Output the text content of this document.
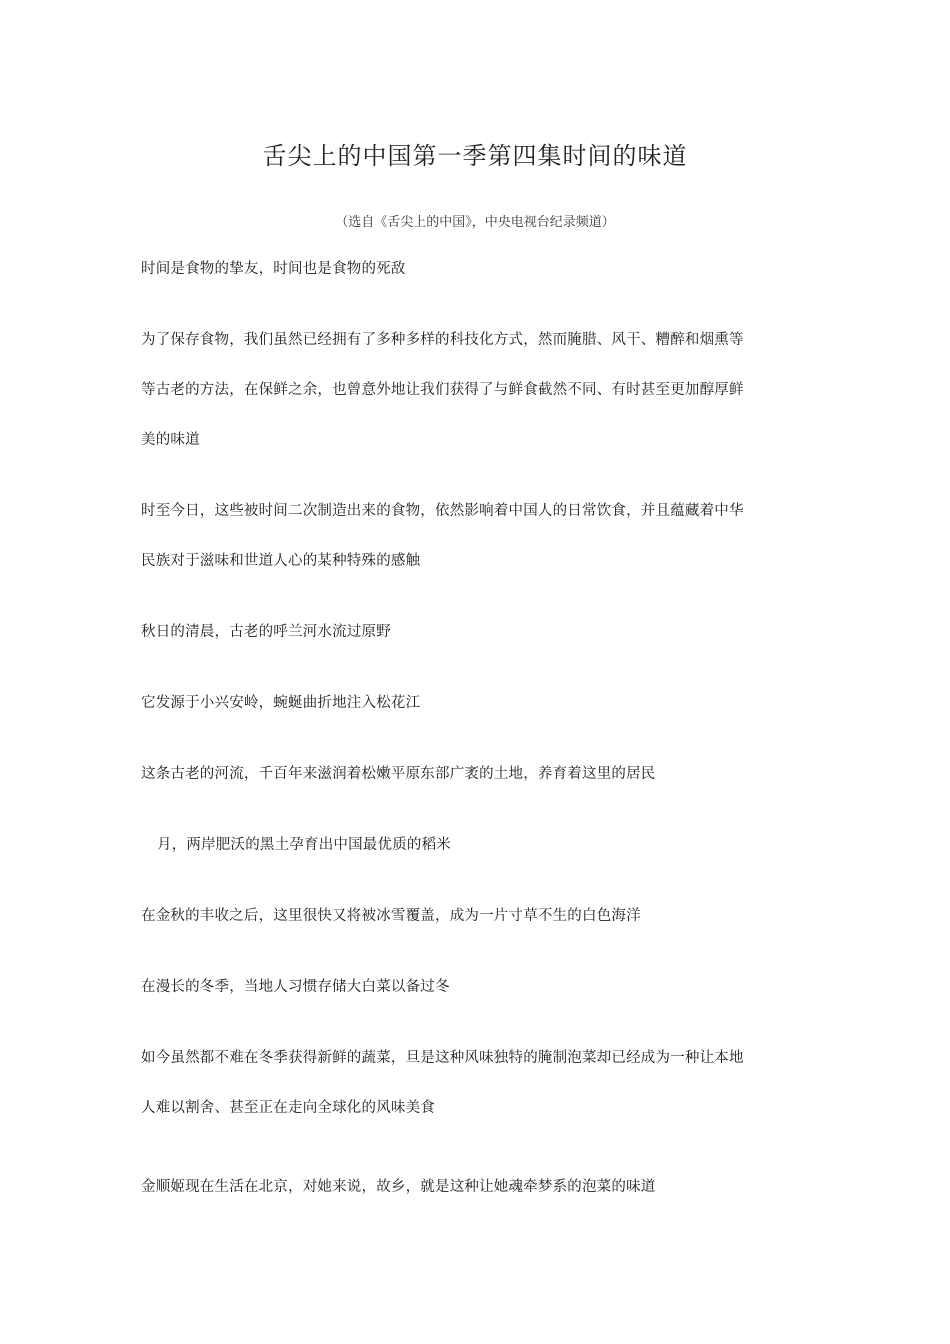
舌尖上的中国第一季第四集时间的味道

（选自《舌尖上的中国》，中央电视台纪录频道）

时间是食物的挚友，时间也是食物的死敌

为了保存食物，我们虽然已经拥有了多种多样的科技化方式，然而腌腊、风干、糟醉和烟熏等
等古老的方法，在保鲜之余，也曾意外地让我们获得了与鲜食截然不同、有时甚至更加醇厚鲜
美的味道

时至今日，这些被时间二次制造出来的食物，依然影响着中国人的日常饮食，并且蕴藏着中华
民族对于滋味和世道人心的某种特殊的感触

秋日的清晨，古老的呼兰河水流过原野

它发源于小兴安岭，蜿蜒曲折地注入松花江

这条古老的河流，千百年来滋润着松嫩平原东部广袤的土地，养育着这里的居民

月，两岸肥沃的黑土孕育出中国最优质的稻米

在金秋的丰收之后，这里很快又将被冰雪覆盖，成为一片寸草不生的白色海洋

在漫长的冬季，当地人习惯存储大白菜以备过冬

如今虽然都不难在冬季获得新鲜的蔬菜，旦是这种风味独特的腌制泡菜却已经成为一种让本地
人难以割舍、甚至正在走向全球化的风味美食

金顺姬现在生活在北京，对她来说，故乡，就是这种让她魂牵梦系的泡菜的味道
